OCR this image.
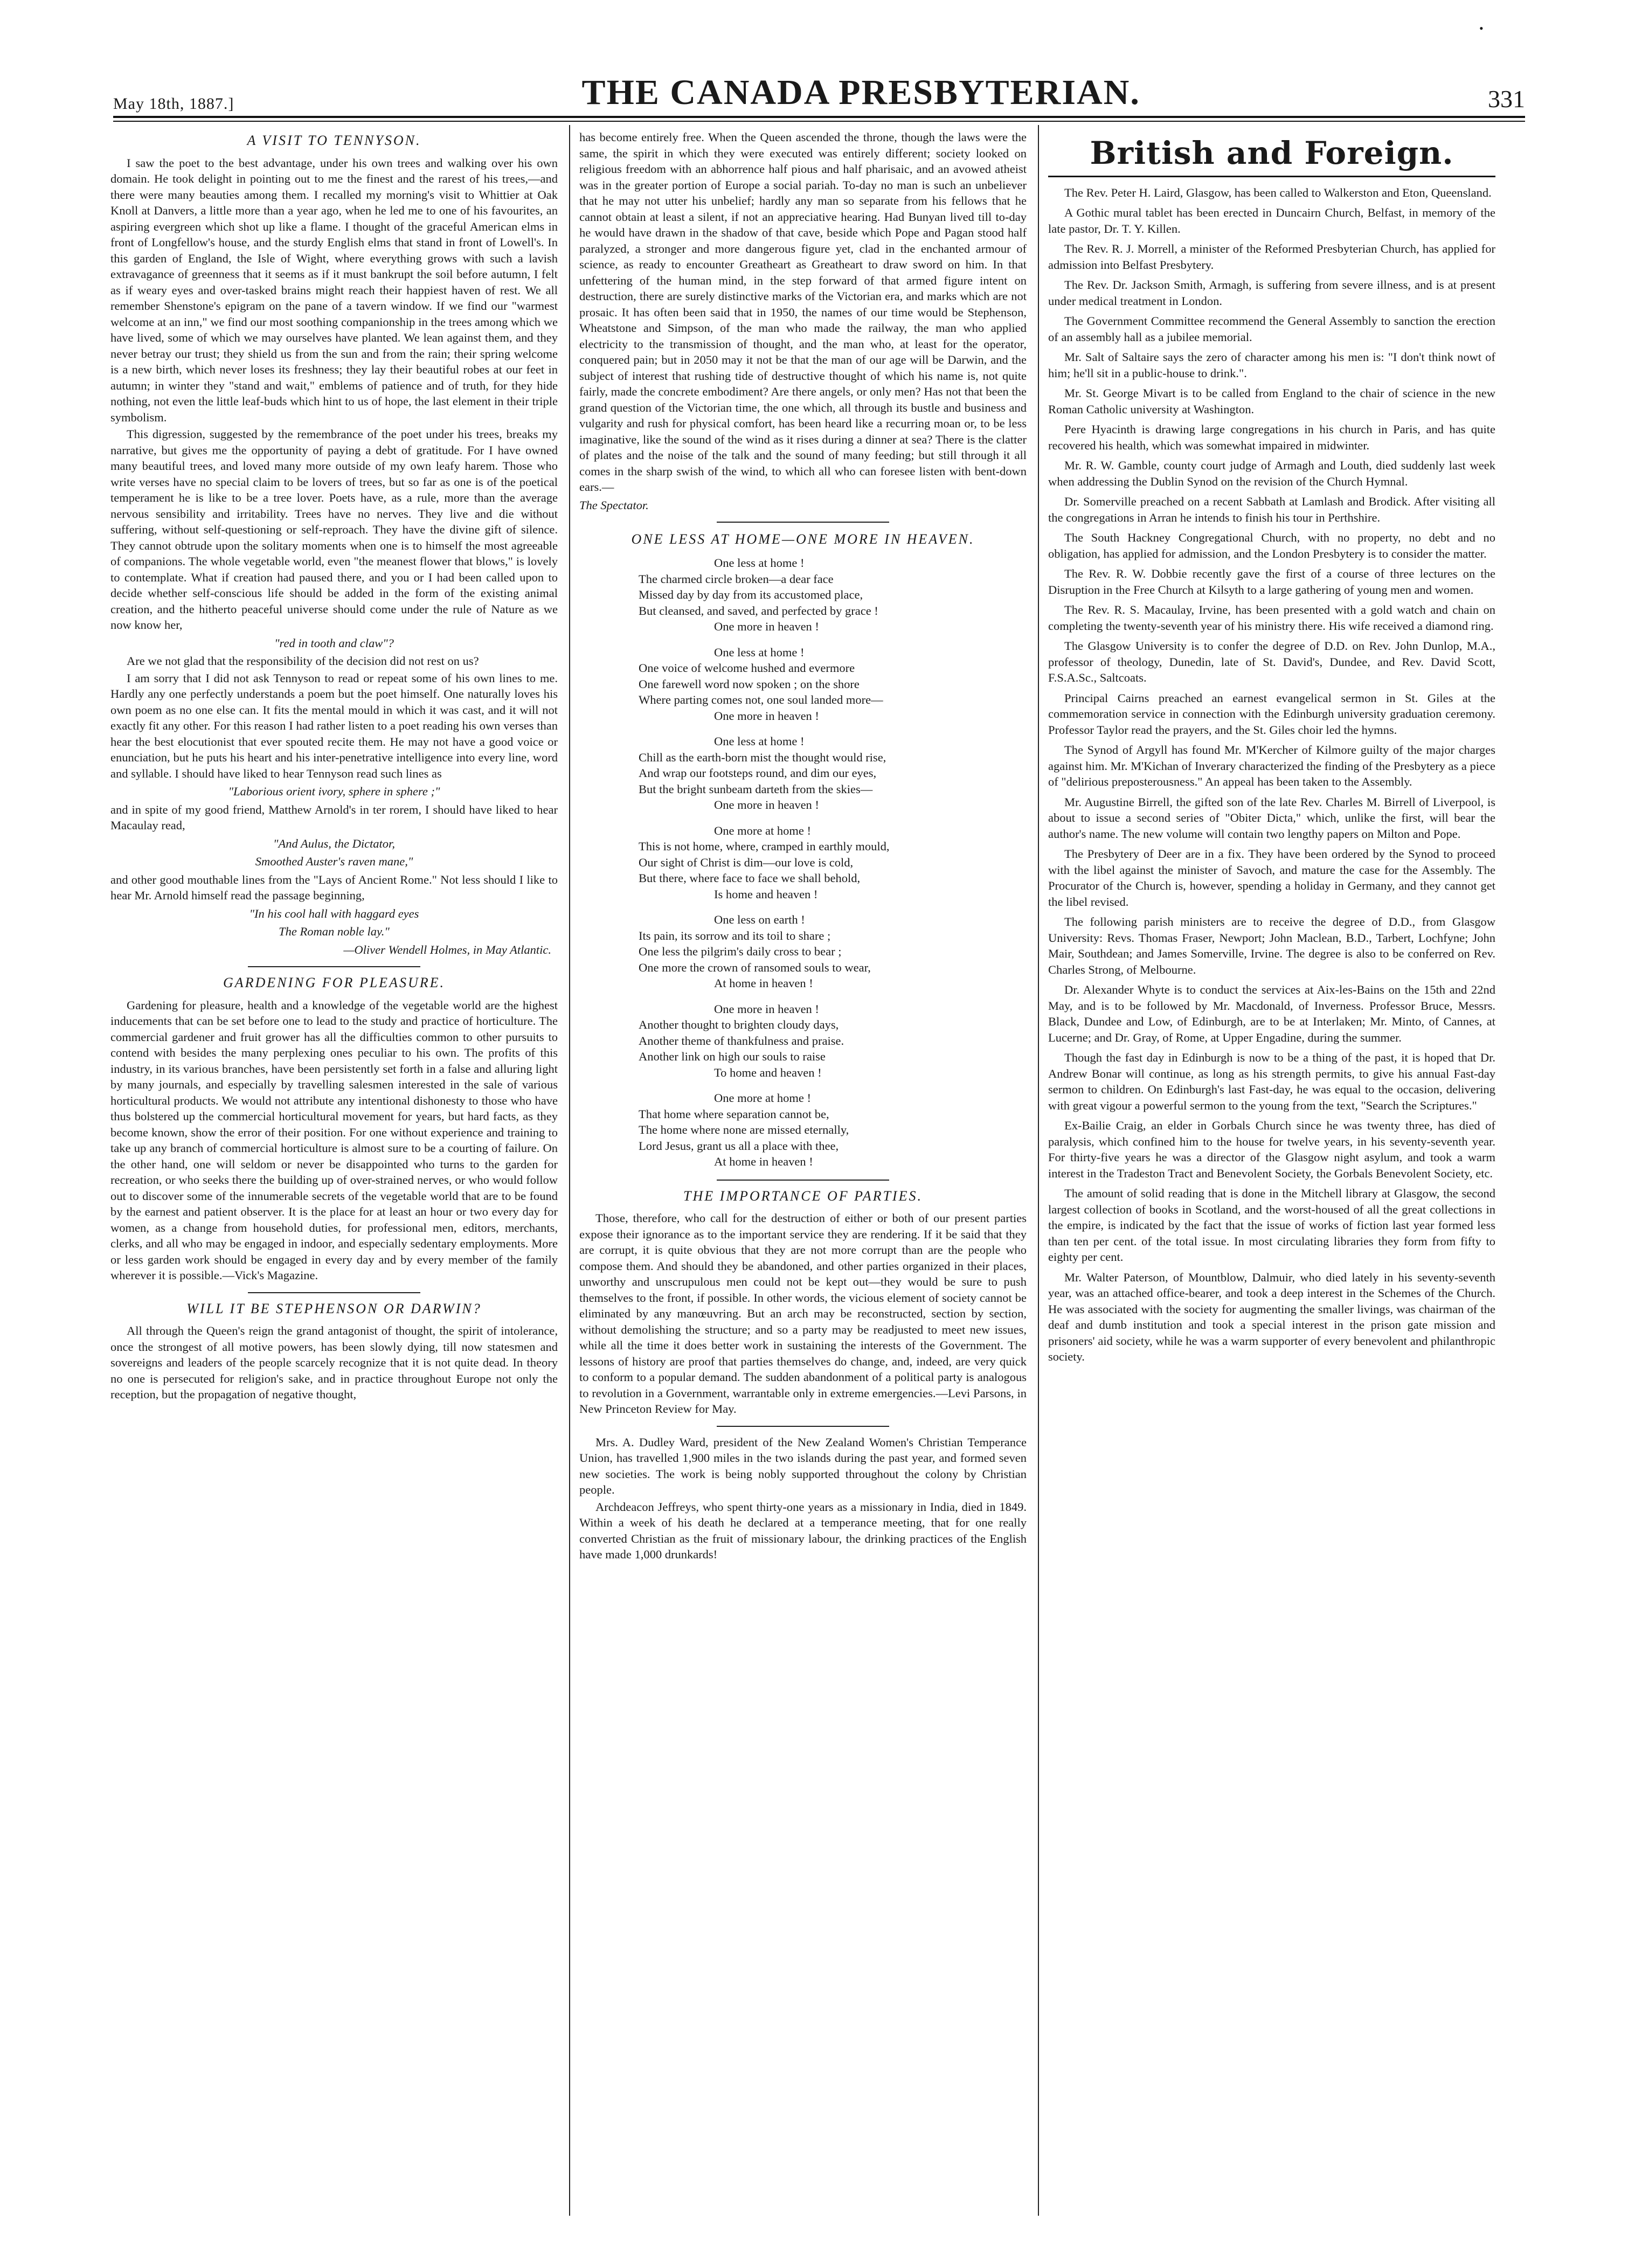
May 18th, 1887.]	THE CANADA PRESBYTERIAN.	331
A VISIT TO TENNYSON.

I saw the poet to the best advantage, under his own trees and walking over his own domain. He took delight in pointing out to me the finest and the rarest of his trees,—and there were many beauties among them. I recalled my morning's visit to Whittier at Oak Knoll at Danvers, a little more than a year ago, when he led me to one of his favourites, an aspiring evergreen which shot up like a flame. I thought of the graceful American elms in front of Longfellow's house, and the sturdy English elms that stand in front of Lowell's. In this garden of England, the Isle of Wight, where everything grows with such a lavish extravagance of greenness that it seems as if it must bankrupt the soil before autumn, I felt as if weary eyes and over-tasked brains might reach their happiest haven of rest. We all remember Shenstone's epigram on the pane of a tavern window. If we find our "warmest welcome at an inn," we find our most soothing companionship in the trees among which we have lived, some of which we may ourselves have planted. We lean against them, and they never betray our trust; they shield us from the sun and from the rain; their spring welcome is a new birth, which never loses its freshness; they lay their beautiful robes at our feet in autumn; in winter they "stand and wait," emblems of patience and of truth, for they hide nothing, not even the little leaf-buds which hint to us of hope, the last element in their triple symbolism.

This digression, suggested by the remembrance of the poet under his trees, breaks my narrative, but gives me the opportunity of paying a debt of gratitude. For I have owned many beautiful trees, and loved many more outside of my own leafy harem. Those who write verses have no special claim to be lovers of trees, but so far as one is of the poetical temperament he is like to be a tree lover. Poets have, as a rule, more than the average nervous sensibility and irritability. Trees have no nerves. They live and die without suffering, without self-questioning or self-reproach. They have the divine gift of silence. They cannot obtrude upon the solitary moments when one is to himself the most agreeable of companions. The whole vegetable world, even "the meanest flower that blows," is lovely to contemplate. What if creation had paused there, and you or I had been called upon to decide whether self-conscious life should be added in the form of the existing animal creation, and the hitherto peaceful universe should come under the rule of Nature as we now know her,

"red in tooth and claw"?

Are we not glad that the responsibility of the decision did not rest on us?

I am sorry that I did not ask Tennyson to read or repeat some of his own lines to me. Hardly any one perfectly understands a poem but the poet himself. One naturally loves his own poem as no one else can. It fits the mental mould in which it was cast, and it will not exactly fit any other. For this reason I had rather listen to a poet reading his own verses than hear the best elocutionist that ever spouted recite them. He may not have a good voice or enunciation, but he puts his heart and his inter-penetrative intelligence into every line, word and syllable. I should have liked to hear Tennyson read such lines as

"Laborious orient ivory, sphere in sphere ;"

and in spite of my good friend, Matthew Arnold's in ter rorem, I should have liked to hear Macaulay read,

"And Aulus, the Dictator,
Smoothed Auster's raven mane,"

and other good mouthable lines from the "Lays of Ancient Rome." Not less should I like to hear Mr. Arnold himself read the passage beginning,

"In his cool hall with haggard eyes
The Roman noble lay."
—Oliver Wendell Holmes, in May Atlantic.
GARDENING FOR PLEASURE.

Gardening for pleasure, health and a knowledge of the vegetable world are the highest inducements that can be set before one to lead to the study and practice of horticulture. The commercial gardener and fruit grower has all the difficulties common to other pursuits to contend with besides the many perplexing ones peculiar to his own. The profits of this industry, in its various branches, have been persistently set forth in a false and alluring light by many journals, and especially by travelling salesmen interested in the sale of various horticultural products. We would not attribute any intentional dishonesty to those who have thus bolstered up the commercial horticultural movement for years, but hard facts, as they become known, show the error of their position. For one without experience and training to take up any branch of commercial horticulture is almost sure to be a courting of failure. On the other hand, one will seldom or never be disappointed who turns to the garden for recreation, or who seeks there the building up of over-strained nerves, or who would follow out to discover some of the innumerable secrets of the vegetable world that are to be found by the earnest and patient observer. It is the place for at least an hour or two every day for women, as a change from household duties, for professional men, editors, merchants, clerks, and all who may be engaged in indoor, and especially sedentary employments. More or less garden work should be engaged in every day and by every member of the family wherever it is possible.—Vick's Magazine.

WILL IT BE STEPHENSON OR DARWIN?

All through the Queen's reign the grand antagonist of thought, the spirit of intolerance, once the strongest of all motive powers, has been slowly dying, till now statesmen and sovereigns and leaders of the people scarcely recognize that it is not quite dead. In theory no one is persecuted for religion's sake, and in practice throughout Europe not only the reception, but the propagation of negative thought,

has become entirely free. When the Queen ascended the throne, though the laws were the same, the spirit in which they were executed was entirely different; society looked on religious freedom with an abhorrence half pious and half pharisaic, and an avowed atheist was in the greater portion of Europe a social pariah. To-day no man is such an unbeliever that he may not utter his unbelief; hardly any man so separate from his fellows that he cannot obtain at least a silent, if not an appreciative hearing. Had Bunyan lived till to-day he would have drawn in the shadow of that cave, beside which Pope and Pagan stood half paralyzed, a stronger and more dangerous figure yet, clad in the enchanted armour of science, as ready to encounter Greatheart as Greatheart to draw sword on him. In that unfettering of the human mind, in the step forward of that armed figure intent on destruction, there are surely distinctive marks of the Victorian era, and marks which are not prosaic. It has often been said that in 1950, the names of our time would be Stephenson, Wheatstone and Simpson, of the man who made the railway, the man who applied electricity to the transmission of thought, and the man who, at least for the operator, conquered pain; but in 2050 may it not be that the man of our age will be Darwin, and the subject of interest that rushing tide of destructive thought of which his name is, not quite fairly, made the concrete embodiment? Are there angels, or only men? Has not that been the grand question of the Victorian time, the one which, all through its bustle and business and vulgarity and rush for physical comfort, has been heard like a recurring moan or, to be less imaginative, like the sound of the wind as it rises during a dinner at sea? There is the clatter of plates and the noise of the talk and the sound of many feeding; but still through it all comes in the sharp swish of the wind, to which all who can foresee listen with bent-down ears.—

The Spectator.
ONE LESS AT HOME—ONE MORE IN HEAVEN.
One less at home !
The charmed circle broken—a dear face
Missed day by day from its accustomed place,
But cleansed, and saved, and perfected by grace !
One more in heaven !
One less at home !
One voice of welcome hushed and evermore
One farewell word now spoken ; on the shore
Where parting comes not, one soul landed more—
One more in heaven !
One less at home !
Chill as the earth-born mist the thought would rise,
And wrap our footsteps round, and dim our eyes,
But the bright sunbeam darteth from the skies—
One more in heaven !
One more at home !
This is not home, where, cramped in earthly mould,
Our sight of Christ is dim—our love is cold,
But there, where face to face we shall behold,
Is home and heaven !
One less on earth !
Its pain, its sorrow and its toil to share ;
One less the pilgrim's daily cross to bear ;
One more the crown of ransomed souls to wear,
At home in heaven !
One more in heaven !
Another thought to brighten cloudy days,
Another theme of thankfulness and praise.
Another link on high our souls to raise
To home and heaven !
One more at home !
That home where separation cannot be,
The home where none are missed eternally,
Lord Jesus, grant us all a place with thee,
At home in heaven !
THE IMPORTANCE OF PARTIES.

Those, therefore, who call for the destruction of either or both of our present parties expose their ignorance as to the important service they are rendering. If it be said that they are corrupt, it is quite obvious that they are not more corrupt than are the people who compose them. And should they be abandoned, and other parties organized in their places, unworthy and unscrupulous men could not be kept out—they would be sure to push themselves to the front, if possible. In other words, the vicious element of society cannot be eliminated by any manœuvring. But an arch may be reconstructed, section by section, without demolishing the structure; and so a party may be readjusted to meet new issues, while all the time it does better work in sustaining the interests of the Government. The lessons of history are proof that parties themselves do change, and, indeed, are very quick to conform to a popular demand. The sudden abandonment of a political party is analogous to revolution in a Government, warrantable only in extreme emergencies.—Levi Parsons, in New Princeton Review for May.

Mrs. A. Dudley Ward, president of the New Zealand Women's Christian Temperance Union, has travelled 1,900 miles in the two islands during the past year, and formed seven new societies. The work is being nobly supported throughout the colony by Christian people.

Archdeacon Jeffreys, who spent thirty-one years as a missionary in India, died in 1849. Within a week of his death he declared at a temperance meeting, that for one really converted Christian as the fruit of missionary labour, the drinking practices of the English have made 1,000 drunkards!

British and Foreign.

The Rev. Peter H. Laird, Glasgow, has been called to Walkerston and Eton, Queensland.

A Gothic mural tablet has been erected in Duncairn Church, Belfast, in memory of the late pastor, Dr. T. Y. Killen.

The Rev. R. J. Morrell, a minister of the Reformed Presbyterian Church, has applied for admission into Belfast Presbytery.

The Rev. Dr. Jackson Smith, Armagh, is suffering from severe illness, and is at present under medical treatment in London.

The Government Committee recommend the General Assembly to sanction the erection of an assembly hall as a jubilee memorial.

Mr. Salt of Saltaire says the zero of character among his men is: "I don't think nowt of him; he'll sit in a public-house to drink.".

Mr. St. George Mivart is to be called from England to the chair of science in the new Roman Catholic university at Washington.

Pere Hyacinth is drawing large congregations in his church in Paris, and has quite recovered his health, which was somewhat impaired in midwinter.

Mr. R. W. Gamble, county court judge of Armagh and Louth, died suddenly last week when addressing the Dublin Synod on the revision of the Church Hymnal.

Dr. Somerville preached on a recent Sabbath at Lamlash and Brodick. After visiting all the congregations in Arran he intends to finish his tour in Perthshire.

The South Hackney Congregational Church, with no property, no debt and no obligation, has applied for admission, and the London Presbytery is to consider the matter.

The Rev. R. W. Dobbie recently gave the first of a course of three lectures on the Disruption in the Free Church at Kilsyth to a large gathering of young men and women.

The Rev. R. S. Macaulay, Irvine, has been presented with a gold watch and chain on completing the twenty-seventh year of his ministry there. His wife received a diamond ring.

The Glasgow University is to confer the degree of D.D. on Rev. John Dunlop, M.A., professor of theology, Dunedin, late of St. David's, Dundee, and Rev. David Scott, F.S.A.Sc., Saltcoats.

Principal Cairns preached an earnest evangelical sermon in St. Giles at the commemoration service in connection with the Edinburgh university graduation ceremony. Professor Taylor read the prayers, and the St. Giles choir led the hymns.

The Synod of Argyll has found Mr. M'Kercher of Kilmore guilty of the major charges against him. Mr. M'Kichan of Inverary characterized the finding of the Presbytery as a piece of "delirious preposterousness." An appeal has been taken to the Assembly.

Mr. Augustine Birrell, the gifted son of the late Rev. Charles M. Birrell of Liverpool, is about to issue a second series of "Obiter Dicta," which, unlike the first, will bear the author's name. The new volume will contain two lengthy papers on Milton and Pope.

The Presbytery of Deer are in a fix. They have been ordered by the Synod to proceed with the libel against the minister of Savoch, and mature the case for the Assembly. The Procurator of the Church is, however, spending a holiday in Germany, and they cannot get the libel revised.

The following parish ministers are to receive the degree of D.D., from Glasgow University: Revs. Thomas Fraser, Newport; John Maclean, B.D., Tarbert, Lochfyne; John Mair, Southdean; and James Somerville, Irvine. The degree is also to be conferred on Rev. Charles Strong, of Melbourne.

Dr. Alexander Whyte is to conduct the services at Aix-les-Bains on the 15th and 22nd May, and is to be followed by Mr. Macdonald, of Inverness. Professor Bruce, Messrs. Black, Dundee and Low, of Edinburgh, are to be at Interlaken; Mr. Minto, of Cannes, at Lucerne; and Dr. Gray, of Rome, at Upper Engadine, during the summer.

Though the fast day in Edinburgh is now to be a thing of the past, it is hoped that Dr. Andrew Bonar will continue, as long as his strength permits, to give his annual Fast-day sermon to children. On Edinburgh's last Fast-day, he was equal to the occasion, delivering with great vigour a powerful sermon to the young from the text, "Search the Scriptures."

Ex-Bailie Craig, an elder in Gorbals Church since he was twenty three, has died of paralysis, which confined him to the house for twelve years, in his seventy-seventh year. For thirty-five years he was a director of the Glasgow night asylum, and took a warm interest in the Tradeston Tract and Benevolent Society, the Gorbals Benevolent Society, etc.

The amount of solid reading that is done in the Mitchell library at Glasgow, the second largest collection of books in Scotland, and the worst-housed of all the great collections in the empire, is indicated by the fact that the issue of works of fiction last year formed less than ten per cent. of the total issue. In most circulating libraries they form from fifty to eighty per cent.

Mr. Walter Paterson, of Mountblow, Dalmuir, who died lately in his seventy-seventh year, was an attached office-bearer, and took a deep interest in the Schemes of the Church. He was associated with the society for augmenting the smaller livings, was chairman of the deaf and dumb institution and took a special interest in the prison gate mission and prisoners' aid society, while he was a warm supporter of every benevolent and philanthropic society.

•
